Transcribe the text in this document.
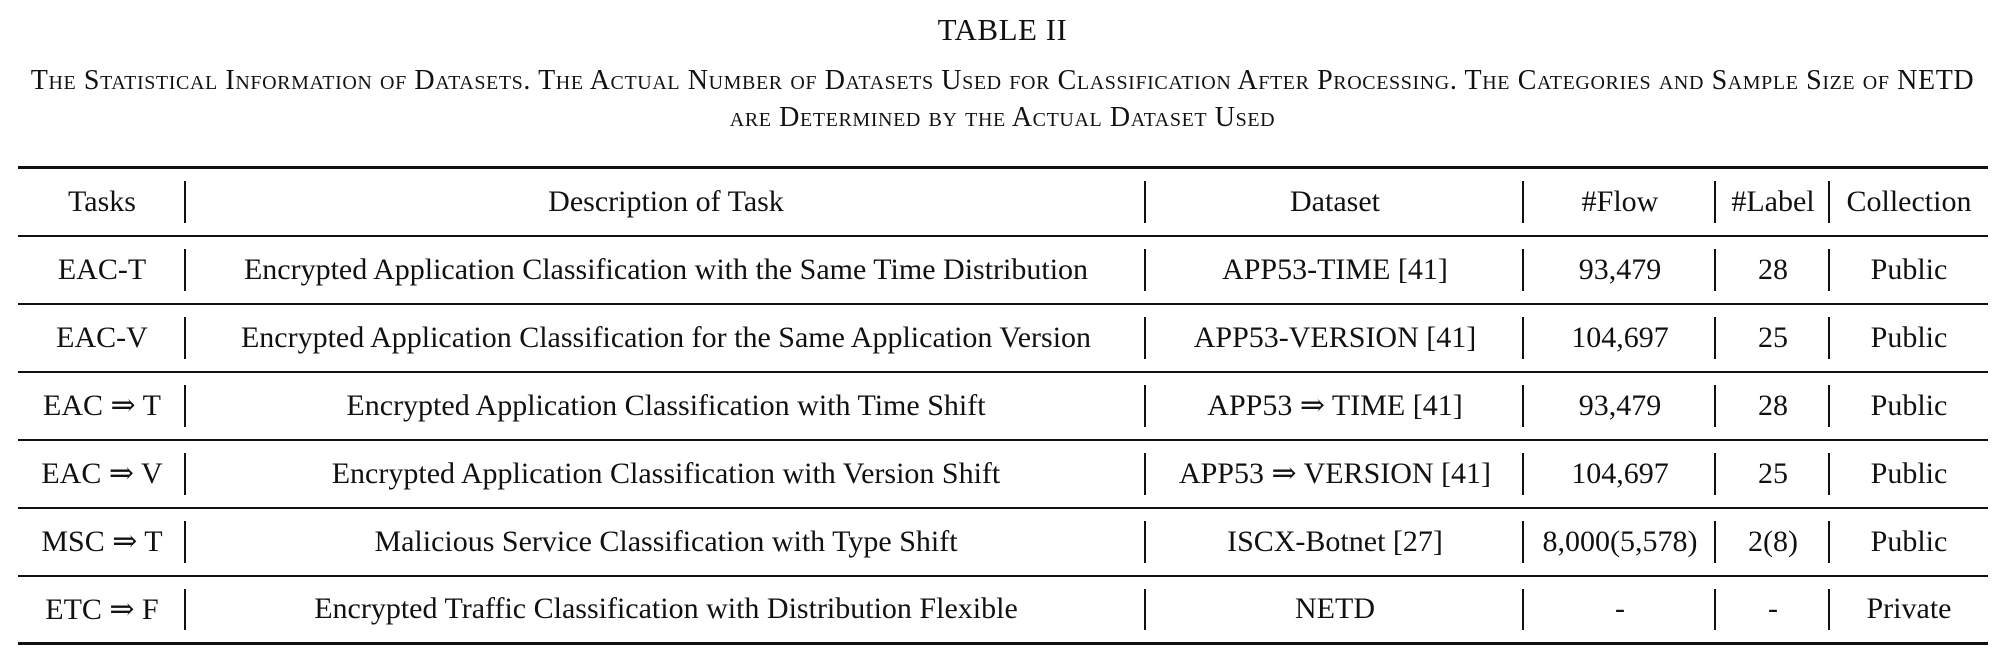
TABLE II
The Statistical Information of Datasets. The Actual Number of Datasets Used for Classification After Processing. The Categories and Sample Size of NETD are Determined by the Actual Dataset Used
Tasks	Description of Task	Dataset	#Flow	#Label	Collection
EAC-T	Encrypted Application Classification with the Same Time Distribution	APP53-TIME [41]	93,479	28	Public
EAC-V	Encrypted Application Classification for the Same Application Version	APP53-VERSION [41]	104,697	25	Public
EAC ⇒ T	Encrypted Application Classification with Time Shift	APP53 ⇒ TIME [41]	93,479	28	Public
EAC ⇒ V	Encrypted Application Classification with Version Shift	APP53 ⇒ VERSION [41]	104,697	25	Public
MSC ⇒ T	Malicious Service Classification with Type Shift	ISCX-Botnet [27]	8,000(5,578)	2(8)	Public
ETC ⇒ F	Encrypted Traffic Classification with Distribution Flexible	NETD	-	-	Private
